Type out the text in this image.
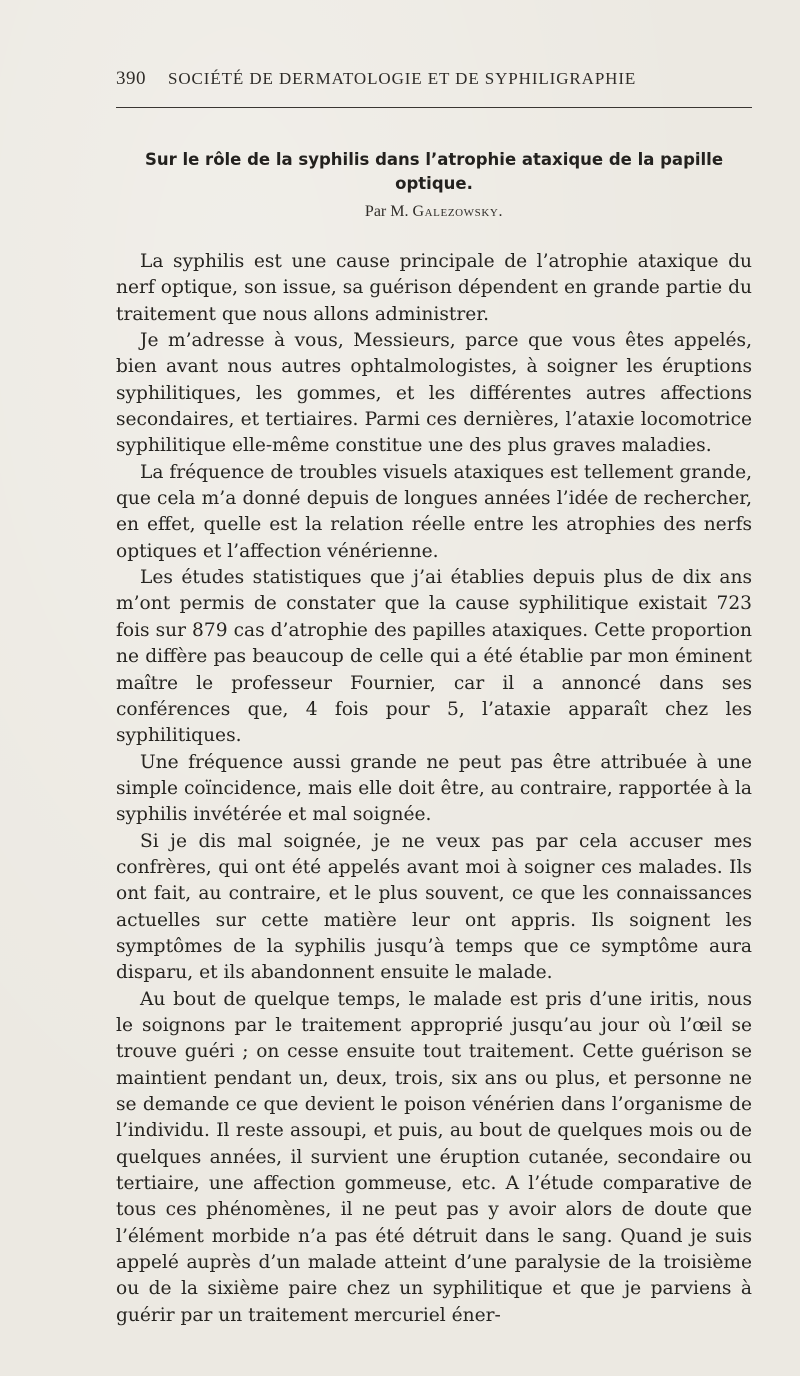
390 SOCIÉTÉ DE DERMATOLOGIE ET DE SYPHILIGRAPHIE
Sur le rôle de la syphilis dans l’atrophie ataxique de la papille optique.
Par M. Galezowsky.

La syphilis est une cause principale de l’atrophie ataxique du nerf optique, son issue, sa guérison dépendent en grande partie du traitement que nous allons administrer.

Je m’adresse à vous, Messieurs, parce que vous êtes appelés, bien avant nous autres ophtalmologistes, à soigner les éruptions syphilitiques, les gommes, et les différentes autres affections secondaires, et tertiaires. Parmi ces dernières, l’ataxie locomotrice syphilitique elle-même constitue une des plus graves maladies.

La fréquence de troubles visuels ataxiques est tellement grande, que cela m’a donné depuis de longues années l’idée de rechercher, en effet, quelle est la relation réelle entre les atrophies des nerfs optiques et l’affection vénérienne.

Les études statistiques que j’ai établies depuis plus de dix ans m’ont permis de constater que la cause syphilitique existait 723 fois sur 879 cas d’atrophie des papilles ataxiques. Cette proportion ne diffère pas beaucoup de celle qui a été établie par mon éminent maître le professeur Fournier, car il a annoncé dans ses conférences que, 4 fois pour 5, l’ataxie apparaît chez les syphilitiques.

Une fréquence aussi grande ne peut pas être attribuée à une simple coïncidence, mais elle doit être, au contraire, rapportée à la syphilis invétérée et mal soignée.

Si je dis mal soignée, je ne veux pas par cela accuser mes confrères, qui ont été appelés avant moi à soigner ces malades. Ils ont fait, au contraire, et le plus souvent, ce que les connaissances actuelles sur cette matière leur ont appris. Ils soignent les symptômes de la syphilis jusqu’à temps que ce symptôme aura disparu, et ils abandonnent ensuite le malade.

Au bout de quelque temps, le malade est pris d’une iritis, nous le soignons par le traitement approprié jusqu’au jour où l’œil se trouve guéri ; on cesse ensuite tout traitement. Cette guérison se maintient pendant un, deux, trois, six ans ou plus, et personne ne se demande ce que devient le poison vénérien dans l’organisme de l’individu. Il reste assoupi, et puis, au bout de quelques mois ou de quelques années, il survient une éruption cutanée, secondaire ou tertiaire, une affection gommeuse, etc. A l’étude comparative de tous ces phénomènes, il ne peut pas y avoir alors de doute que l’élément morbide n’a pas été détruit dans le sang. Quand je suis appelé auprès d’un malade atteint d’une paralysie de la troisième ou de la sixième paire chez un syphilitique et que je parviens à guérir par un traitement mercuriel éner-
